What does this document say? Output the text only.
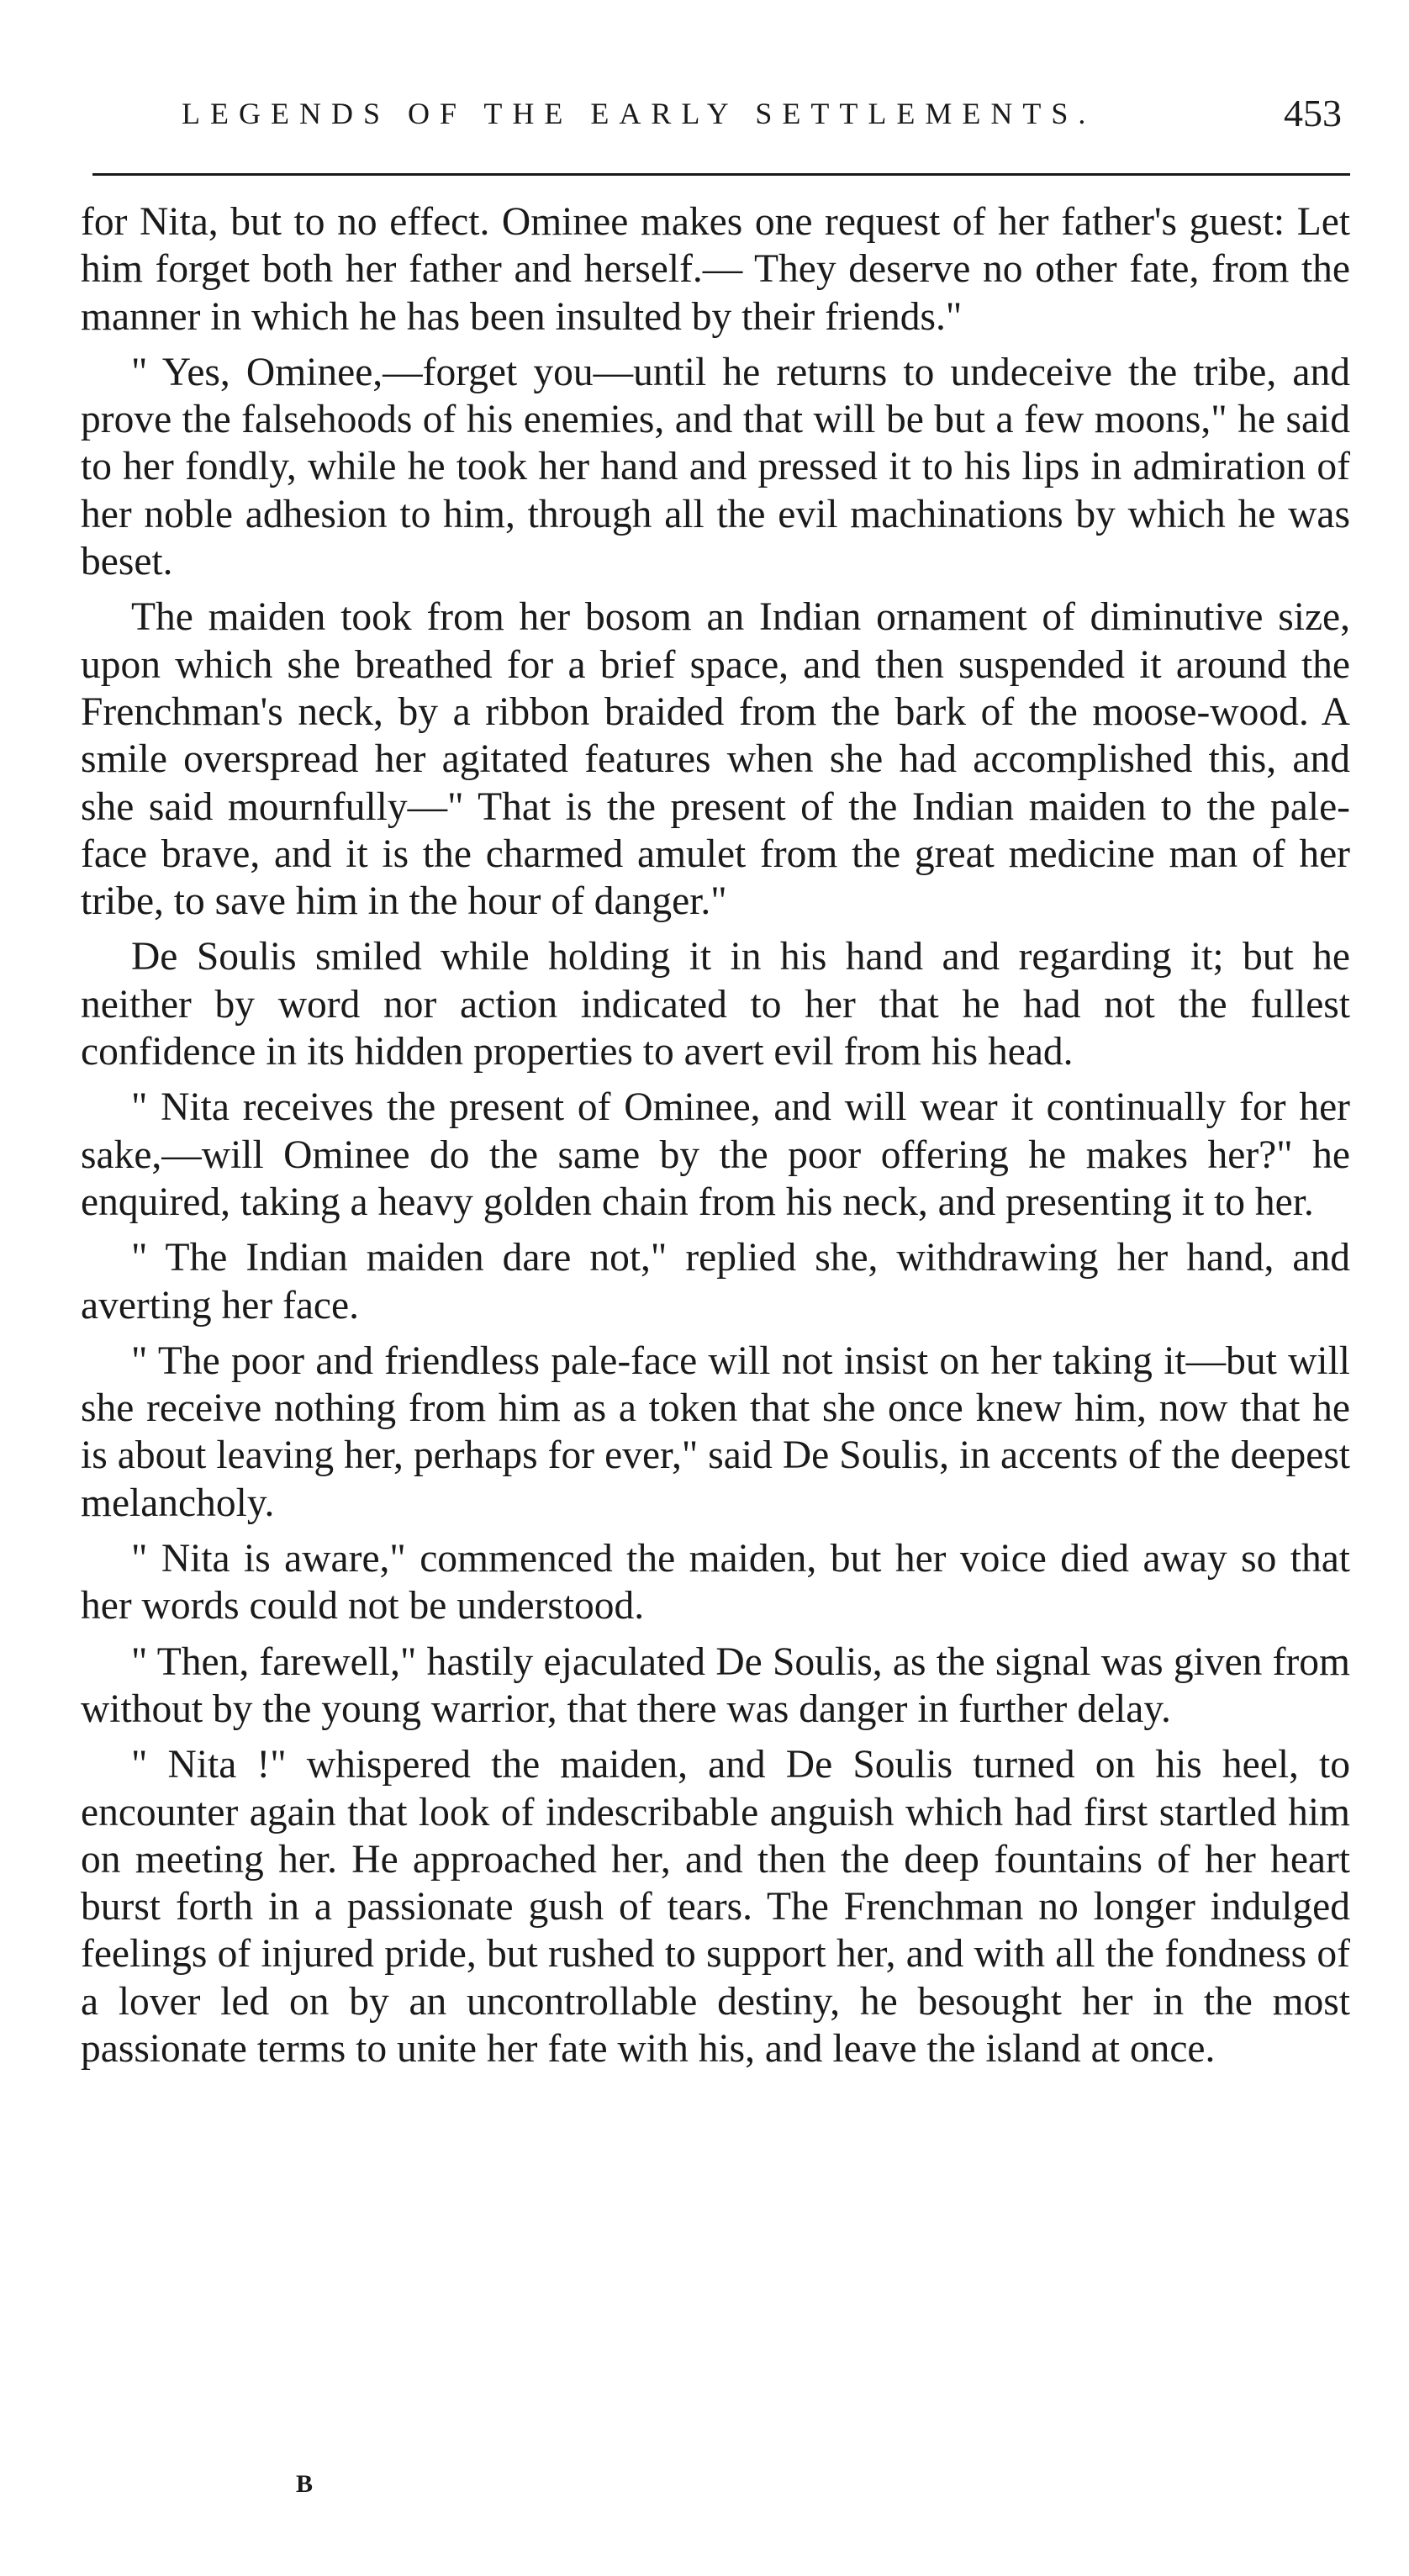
LEGENDS OF THE EARLY SETTLEMENTS.	453

for Nita, but to no effect. Ominee makes one request of her father's guest: Let him forget both her father and herself.— They deserve no other fate, from the manner in which he has been insulted by their friends."

" Yes, Ominee,—forget you—until he returns to undeceive the tribe, and prove the falsehoods of his enemies, and that will be but a few moons," he said to her fondly, while he took her hand and pressed it to his lips in admiration of her noble adhesion to him, through all the evil machinations by which he was beset.

The maiden took from her bosom an Indian ornament of diminutive size, upon which she breathed for a brief space, and then suspended it around the Frenchman's neck, by a ribbon braided from the bark of the moose-wood. A smile overspread her agitated features when she had accomplished this, and she said mournfully—" That is the present of the Indian maiden to the pale-face brave, and it is the charmed amulet from the great medicine man of her tribe, to save him in the hour of danger."

De Soulis smiled while holding it in his hand and regarding it; but he neither by word nor action indicated to her that he had not the fullest confidence in its hidden properties to avert evil from his head.

" Nita receives the present of Ominee, and will wear it continually for her sake,—will Ominee do the same by the poor offering he makes her?" he enquired, taking a heavy golden chain from his neck, and presenting it to her.

" The Indian maiden dare not," replied she, withdrawing her hand, and averting her face.

" The poor and friendless pale-face will not insist on her taking it—but will she receive nothing from him as a token that she once knew him, now that he is about leaving her, perhaps for ever," said De Soulis, in accents of the deepest melancholy.

" Nita is aware," commenced the maiden, but her voice died away so that her words could not be understood.

" Then, farewell," hastily ejaculated De Soulis, as the signal was given from without by the young warrior, that there was danger in further delay.

" Nita !" whispered the maiden, and De Soulis turned on his heel, to encounter again that look of indescribable anguish which had first startled him on meeting her. He approached her, and then the deep fountains of her heart burst forth in a passionate gush of tears. The Frenchman no longer indulged feelings of injured pride, but rushed to support her, and with all the fondness of a lover led on by an uncontrollable destiny, he besought her in the most passionate terms to unite her fate with his, and leave the island at once.

B
